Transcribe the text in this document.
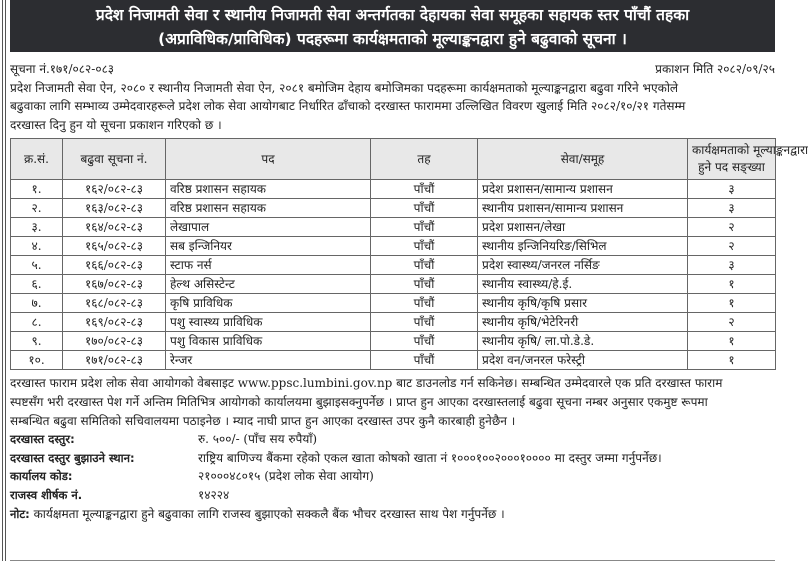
प्रदेश निजामती सेवा र स्थानीय निजामती सेवा अन्तर्गतका देहायका सेवा समूहका सहायक स्तर पाँचौं तहका
(अप्राविधिक/प्राविधिक) पदहरूमा कार्यक्षमताको मूल्याङ्कनद्वारा हुने बढुवाको सूचना ।
सूचना नं.१७१/०८२-०८३	प्रकाशन मिति २०८२/०९/२५
प्रदेश निजामती सेवा ऐन, २०८० र स्थानीय निजामती सेवा ऐन, २०८१ बमोजिम देहाय बमोजिमका पदहरूमा कार्यक्षमताको मूल्याङ्कनद्वारा बढुवा गरिने भएकोले
बढुवाका लागि सम्भाव्य उम्मेदवारहरूले प्रदेश लोक सेवा आयोगबाट निर्धारित ढाँचाको दरखास्त फाराममा उल्लिखित विवरण खुलाई मिति २०८२/१०/२१ गतेसम्म
दरखास्त दिनु हुन यो सूचना प्रकाशन गरिएको छ ।
क्र.सं.	बढुवा सूचना नं.	पद	तह	सेवा/समूह	कार्यक्षमताको मूल्याङ्कनद्वारा
हुने पद सङ्ख्या

१.	१६२/०८२-८३	वरिष्ठ प्रशासन सहायक	पाँचौं	प्रदेश प्रशासन/सामान्य प्रशासन	३
२.	१६३/०८२-८३	वरिष्ठ प्रशासन सहायक	पाँचौं	स्थानीय प्रशासन/सामान्य प्रशासन	३
३.	१६४/०८२-८३	लेखापाल	पाँचौं	प्रदेश प्रशासन/लेखा	२
४.	१६५/०८२-८३	सब इन्जिनियर	पाँचौं	स्थानीय इन्जिनियरिङ/सिभिल	२
५.	१६६/०८२-८३	स्टाफ नर्स	पाँचौं	प्रदेश स्वास्थ्य/जनरल नर्सिङ	३
६.	१६७/०८२-८३	हेल्थ असिस्टेन्ट	पाँचौं	स्थानीय स्वास्थ्य/हे.ई.	१
७.	१६८/०८२-८३	कृषि प्राविधिक	पाँचौं	स्थानीय कृषि/कृषि प्रसार	१
८.	१६९/०८२-८३	पशु स्वास्थ्य प्राविधिक	पाँचौं	स्थानीय कृषि/भेटेरिनरी	२
९.	१७०/०८२-८३	पशु विकास प्राविधिक	पाँचौं	स्थानीय कृषि/ ला.पो.डे.डे.	१
१०.	१७१/०८२-८३	रेन्जर	पाँचौं	प्रदेश वन/जनरल फरेस्ट्री	१
दरखास्त फाराम प्रदेश लोक सेवा आयोगको वेबसाइट www.ppsc.lumbini.gov.np बाट डाउनलोड गर्न सकिनेछ। सम्बन्धित उम्मेदवारले एक प्रति दरखास्त फाराम
स्पष्टसँग भरी दरखास्त पेश गर्ने अन्तिम मितिभित्र आयोगको कार्यालयमा बुझाइसक्नुपर्नेछ । प्राप्त हुन आएका दरखास्तलाई बढुवा सूचना नम्बर अनुसार एकमुष्ट रूपमा
सम्बन्धित बढुवा समितिको सचिवालयमा पठाइनेछ । म्याद नाघी प्राप्त हुन आएका दरखास्त उपर कुनै कारबाही हुनेछैन ।
दरखास्त दस्तुर:	रु. ५००/- (पाँच सय रुपैयाँ)
दरखास्त दस्तुर बुझाउने स्थान:	राष्ट्रिय बाणिज्य बैंकमा रहेको एकल खाता कोषको खाता नं १०००१००२०००१०००० मा दस्तुर जम्मा गर्नुपर्नेछ।
कार्यालय कोड:	२१०००४८०१५ (प्रदेश लोक सेवा आयोग)
राजस्व शीर्षक नं.	१४२२४
नोट: कार्यक्षमता मूल्याङ्कनद्वारा हुने बढुवाका लागि राजस्व बुझाएको सक्कलै बैंक भौचर दरखास्त साथ पेश गर्नुपर्नेछ ।
